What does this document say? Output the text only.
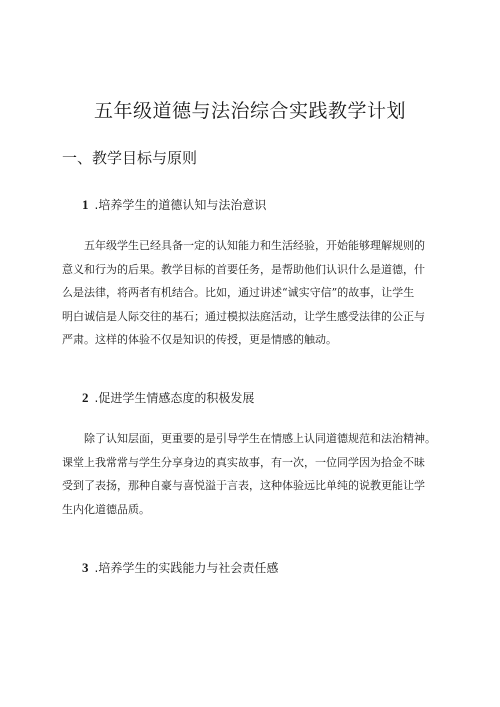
五年级道德与法治综合实践教学计划
一、教学目标与原则
1 .培养学生的道德认知与法治意识

五年级学生已经具备一定的认知能力和生活经验，开始能够理解规则的
意义和行为的后果。教学目标的首要任务，是帮助他们认识什么是道德，什
么是法律，将两者有机结合。比如，通过讲述“诚实守信”的故事，让学生
明白诚信是人际交往的基石；通过模拟法庭活动，让学生感受法律的公正与
严肃。这样的体验不仅是知识的传授，更是情感的触动。

2 .促进学生情感态度的积极发展

除了认知层面，更重要的是引导学生在情感上认同道德规范和法治精神。
课堂上我常常与学生分享身边的真实故事，有一次，一位同学因为拾金不昧
受到了表扬，那种自豪与喜悦溢于言表，这种体验远比单纯的说教更能让学
生内化道德品质。

3 .培养学生的实践能力与社会责任感
